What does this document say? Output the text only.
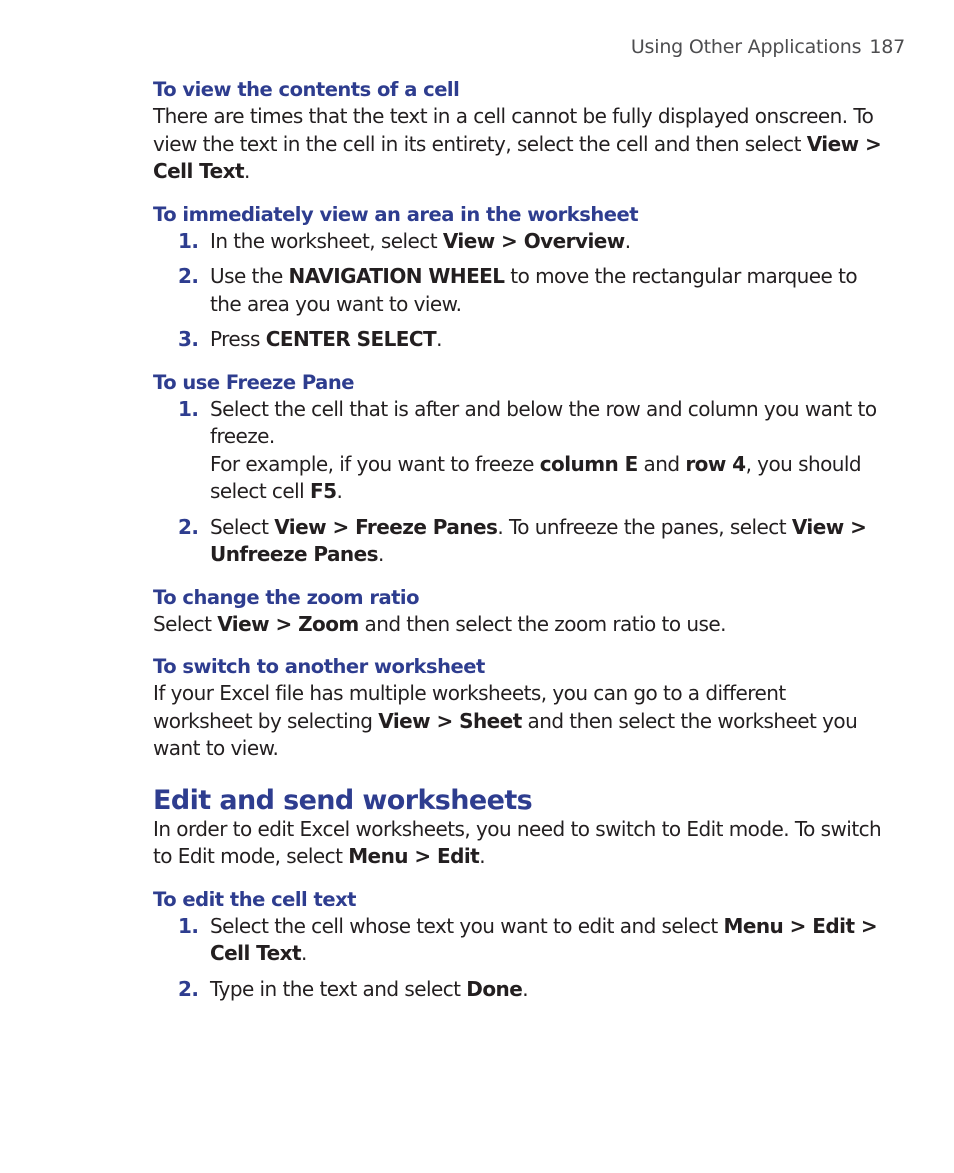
Using Other Applications 187

To view the contents of a cell

There are times that the text in a cell cannot be fully displayed onscreen. To view the text in the cell in its entirety, select the cell and then select View > Cell Text.

To immediately view an area in the worksheet

1. In the worksheet, select View > Overview.
2. Use the NAVIGATION WHEEL to move the rectangular marquee to the area you want to view.
3. Press CENTER SELECT.

To use Freeze Pane

1. Select the cell that is after and below the row and column you want to freeze.
For example, if you want to freeze column E and row 4, you should select cell F5.
2. Select View > Freeze Panes. To unfreeze the panes, select View > Unfreeze Panes.

To change the zoom ratio

Select View > Zoom and then select the zoom ratio to use.

To switch to another worksheet

If your Excel file has multiple worksheets, you can go to a different worksheet by selecting View > Sheet and then select the worksheet you want to view.

Edit and send worksheets

In order to edit Excel worksheets, you need to switch to Edit mode. To switch to Edit mode, select Menu > Edit.

To edit the cell text

1. Select the cell whose text you want to edit and select Menu > Edit > Cell Text.
2. Type in the text and select Done.
